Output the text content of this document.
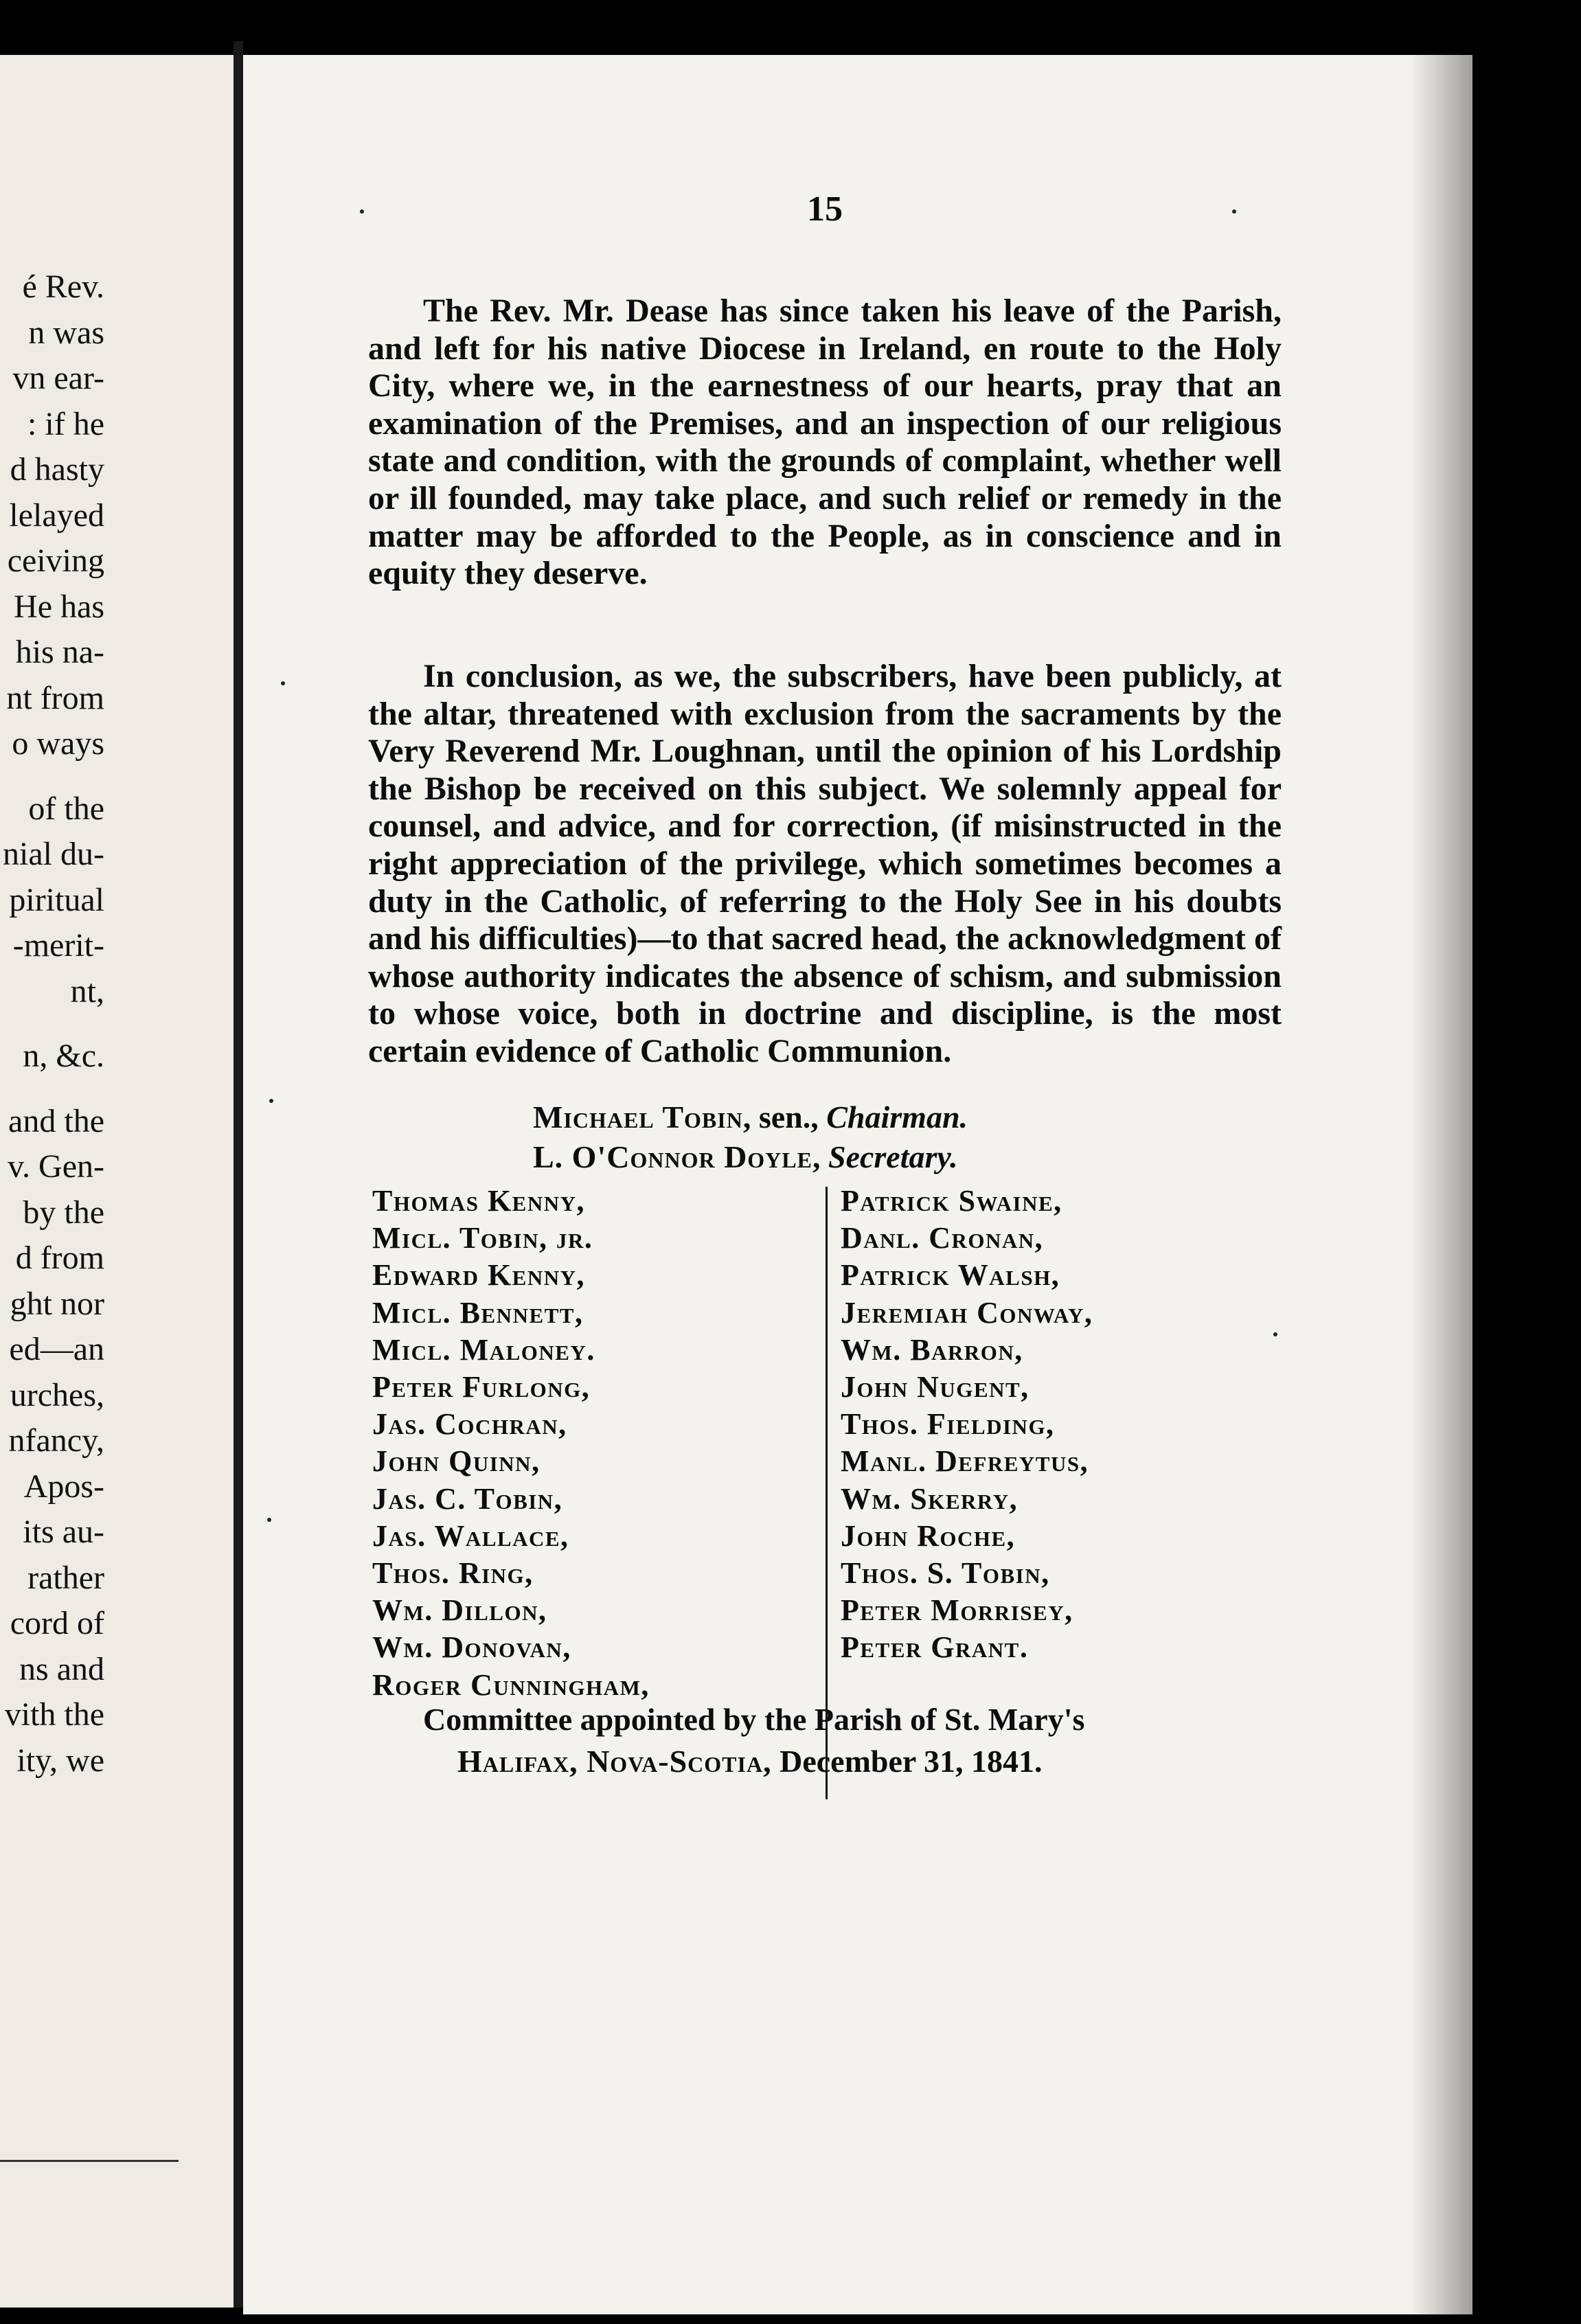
é Rev.
n was
vn ear-
: if he
d hasty
lelayed
ceiving
He has
his na-
nt from
o ways
of the
nial du-
piritual
-merit-
nt,
n, &c.
and the
v. Gen-
by the
d from
ght nor
ed—an
urches,
nfancy,
Apos-
its au-
rather
cord of
ns and
vith the
ity, we
15

The Rev. Mr. Dease has since taken his leave of the Parish, and left for his native Diocese in Ireland, en route to the Holy City, where we, in the earnestness of our hearts, pray that an examination of the Premises, and an inspection of our religious state and condition, with the grounds of complaint, whether well or ill founded, may take place, and such relief or remedy in the matter may be afforded to the People, as in conscience and in equity they deserve.

In conclusion, as we, the subscribers, have been publicly, at the altar, threatened with exclusion from the sacraments by the Very Reverend Mr. Loughnan, until the opinion of his Lordship the Bishop be received on this subject. We solemnly appeal for counsel, and advice, and for correction, (if misinstructed in the right appreciation of the privilege, which sometimes becomes a duty in the Catholic, of referring to the Holy See in his doubts and his difficulties)—to that sacred head, the acknowledgment of whose authority indicates the absence of schism, and submission to whose voice, both in doctrine and discipline, is the most certain evidence of Catholic Communion.

Michael Tobin, sen., Chairman.
L. O'Connor Doyle, Secretary.
Thomas Kenny,
Micl. Tobin, jr.
Edward Kenny,
Micl. Bennett,
Micl. Maloney.
Peter Furlong,
Jas. Cochran,
John Quinn,
Jas. C. Tobin,
Jas. Wallace,
Thos. Ring,
Wm. Dillon,
Wm. Donovan,
Roger Cunningham,
Patrick Swaine,
Danl. Cronan,
Patrick Walsh,
Jeremiah Conway,
Wm. Barron,
John Nugent,
Thos. Fielding,
Manl. Defreytus,
Wm. Skerry,
John Roche,
Thos. S. Tobin,
Peter Morrisey,
Peter Grant.
Committee appointed by the Parish of St. Mary's
Halifax, Nova-Scotia, December 31, 1841.
